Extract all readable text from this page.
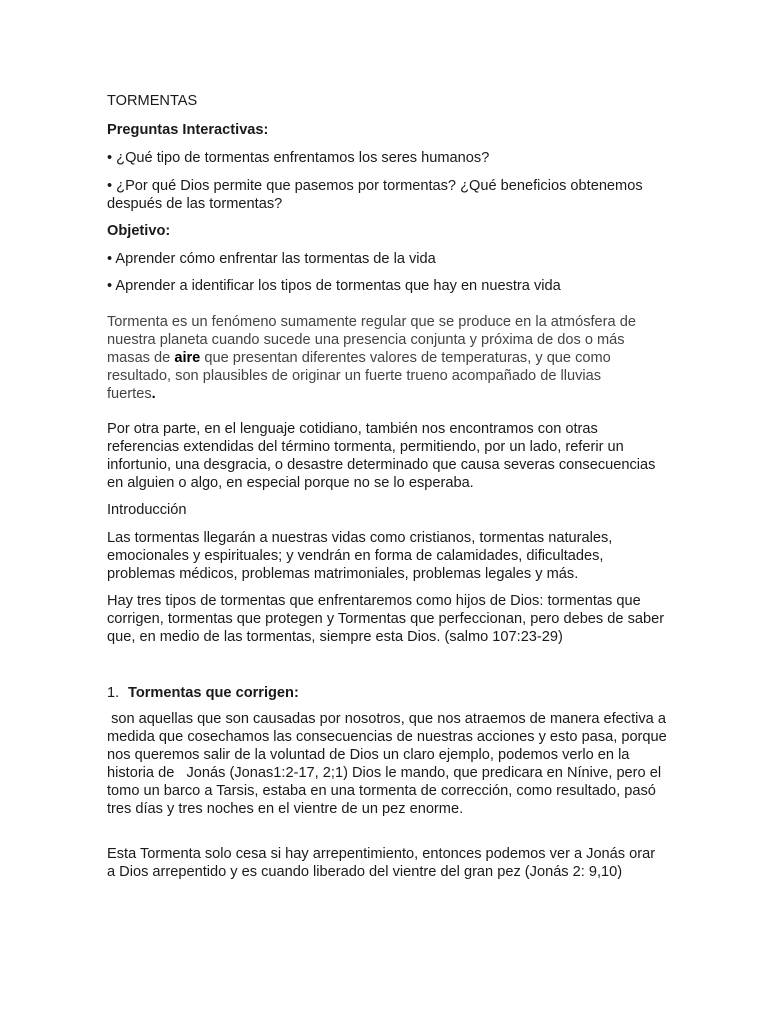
TORMENTAS

Preguntas Interactivas:

• ¿Qué tipo de tormentas enfrentamos los seres humanos?

• ¿Por qué Dios permite que pasemos por tormentas? ¿Qué beneficios obtenemos después de las tormentas?

Objetivo:

• Aprender cómo enfrentar las tormentas de la vida

• Aprender a identificar los tipos de tormentas que hay en nuestra vida

Tormenta es un fenómeno sumamente regular que se produce en la atmósfera de
nuestra planeta cuando sucede una presencia conjunta y próxima de dos o más
masas de aire que presentan diferentes valores de temperaturas, y que como
resultado, son plausibles de originar un fuerte trueno acompañado de lluvias
fuertes.

Por otra parte, en el lenguaje cotidiano, también nos encontramos con otras referencias extendidas del término tormenta, permitiendo, por un lado, referir un infortunio, una desgracia, o desastre determinado que causa severas consecuencias en alguien o algo, en especial porque no se lo esperaba.

Introducción

Las tormentas llegarán a nuestras vidas como cristianos, tormentas naturales, emocionales y espirituales; y vendrán en forma de calamidades, dificultades, problemas médicos, problemas matrimoniales, problemas legales y más.

Hay tres tipos de tormentas que enfrentaremos como hijos de Dios: tormentas que corrigen, tormentas que protegen y Tormentas que perfeccionan, pero debes de saber que, en medio de las tormentas, siempre esta Dios. (salmo 107:23-29)

1. Tormentas que corrigen:

son aquellas que son causadas por nosotros, que nos atraemos de manera efectiva a medida que cosechamos las consecuencias de nuestras acciones y esto pasa, porque nos queremos salir de la voluntad de Dios un claro ejemplo, podemos verlo en la historia de   Jonás (Jonas1:2-17, 2;1) Dios le mando, que predicara en Nínive, pero el tomo un barco a Tarsis, estaba en una tormenta de corrección, como resultado, pasó tres días y tres noches en el vientre de un pez enorme.

Esta Tormenta solo cesa si hay arrepentimiento, entonces podemos ver a Jonás orar a Dios arrepentido y es cuando liberado del vientre del gran pez (Jonás 2: 9,10)
